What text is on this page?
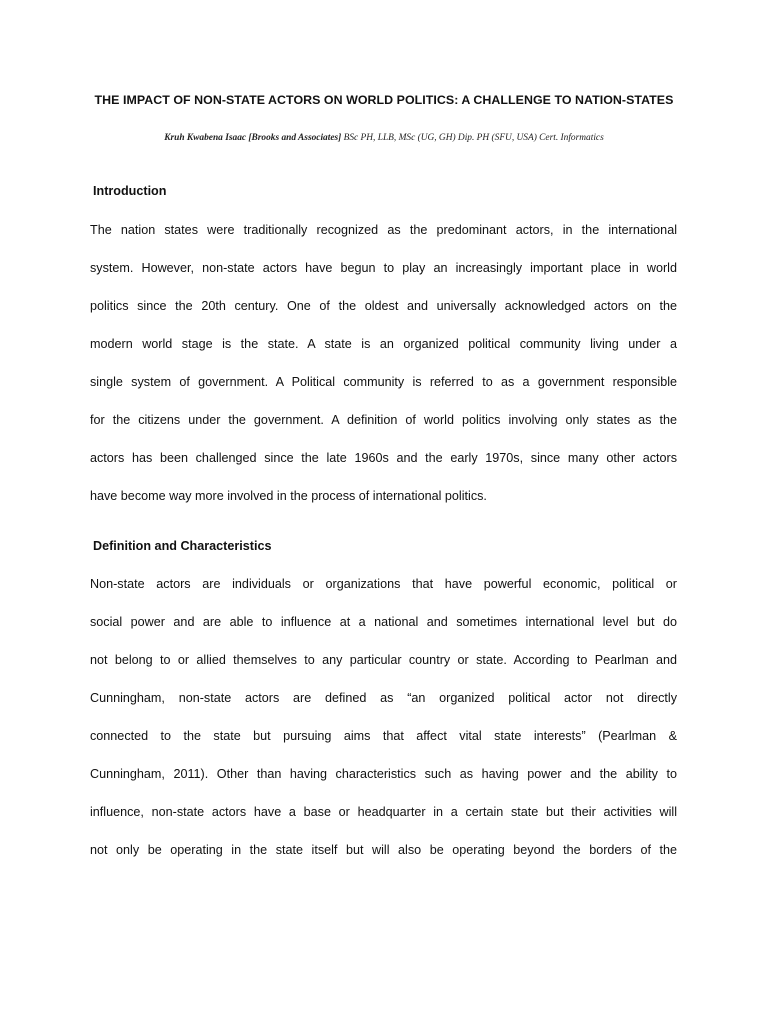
THE IMPACT OF NON-STATE ACTORS ON WORLD POLITICS: A CHALLENGE TO NATION-STATES
Kruh Kwabena Isaac [Brooks and Associates] BSc PH, LLB, MSc (UG, GH) Dip. PH (SFU, USA) Cert. Informatics
Introduction
The nation states were traditionally recognized as the predominant actors, in the international
system. However, non-state actors have begun to play an increasingly important place in world
politics since the 20th century. One of the oldest and universally acknowledged actors on the
modern world stage is the state. A state is an organized political community living under a
single system of government. A Political community is referred to as a government responsible
for the citizens under the government. A definition of world politics involving only states as the
actors has been challenged since the late 1960s and the early 1970s, since many other actors
have become way more involved in the process of international politics.
Definition and Characteristics
Non-state actors are individuals or organizations that have powerful economic, political or
social power and are able to influence at a national and sometimes international level but do
not belong to or allied themselves to any particular country or state. According to Pearlman and
Cunningham, non-state actors are defined as “an organized political actor not directly
connected to the state but pursuing aims that affect vital state interests” (Pearlman &
Cunningham, 2011). Other than having characteristics such as having power and the ability to
influence, non-state actors have a base or headquarter in a certain state but their activities will
not only be operating in the state itself but will also be operating beyond the borders of the
